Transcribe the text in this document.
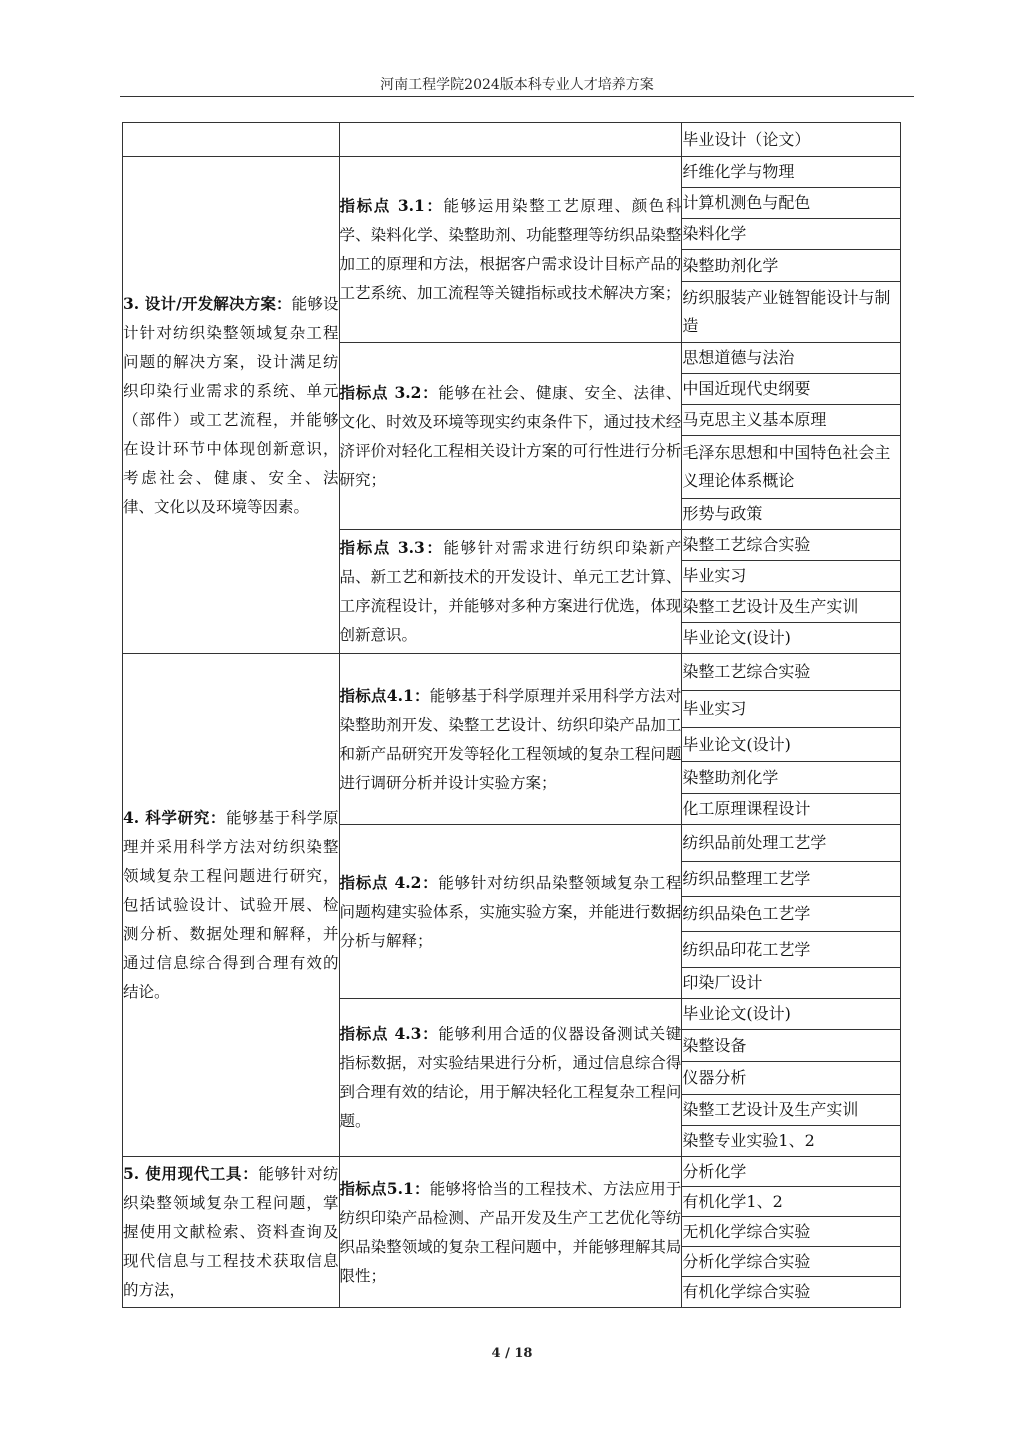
河南工程学院2024版本科专业人才培养方案
		毕业设计（论文）
3. 设计/开发解决方案：能够设计针对纺织染整领域复杂工程问题的解决方案，设计满足纺织印染行业需求的系统、单元（部件）或工艺流程，并能够在设计环节中体现创新意识，考虑社会、健康、安全、法律、文化以及环境等因素。	指标点 3.1：能够运用染整工艺原理、颜色科学、染料化学、染整助剂、功能整理等纺织品染整加工的原理和方法，根据客户需求设计目标产品的工艺系统、加工流程等关键指标或技术解决方案；	纤维化学与物理
		计算机测色与配色
		染料化学
		染整助剂化学
		纺织服装产业链智能设计与制造
	指标点 3.2：能够在社会、健康、安全、法律、文化、时效及环境等现实约束条件下，通过技术经济评价对轻化工程相关设计方案的可行性进行分析研究；	思想道德与法治
		中国近现代史纲要
		马克思主义基本原理
		毛泽东思想和中国特色社会主义理论体系概论
		形势与政策
	指标点 3.3：能够针对需求进行纺织印染新产品、新工艺和新技术的开发设计、单元工艺计算、工序流程设计，并能够对多种方案进行优选，体现创新意识。	染整工艺综合实验
		毕业实习
		染整工艺设计及生产实训
		毕业论文(设计)
4. 科学研究：能够基于科学原理并采用科学方法对纺织染整领域复杂工程问题进行研究，包括试验设计、试验开展、检测分析、数据处理和解释，并通过信息综合得到合理有效的结论。	指标点4.1：能够基于科学原理并采用科学方法对染整助剂开发、染整工艺设计、纺织印染产品加工和新产品研究开发等轻化工程领域的复杂工程问题进行调研分析并设计实验方案；	染整工艺综合实验
		毕业实习
		毕业论文(设计)
		染整助剂化学
		化工原理课程设计
	指标点 4.2：能够针对纺织品染整领域复杂工程问题构建实验体系，实施实验方案，并能进行数据分析与解释；	纺织品前处理工艺学
		纺织品整理工艺学
		纺织品染色工艺学
		纺织品印花工艺学
		印染厂设计
	指标点 4.3：能够利用合适的仪器设备测试关键指标数据，对实验结果进行分析，通过信息综合得到合理有效的结论，用于解决轻化工程复杂工程问题。	毕业论文(设计)
		染整设备
		仪器分析
		染整工艺设计及生产实训
		染整专业实验1、2
5. 使用现代工具：能够针对纺织染整领域复杂工程问题，掌握使用文献检索、资料查询及现代信息与工程技术获取信息的方法，	指标点5.1：能够将恰当的工程技术、方法应用于纺织印染产品检测、产品开发及生产工艺优化等纺织品染整领域的复杂工程问题中，并能够理解其局限性；	分析化学
		有机化学1、2
		无机化学综合实验
		分析化学综合实验
		有机化学综合实验
4 / 18
